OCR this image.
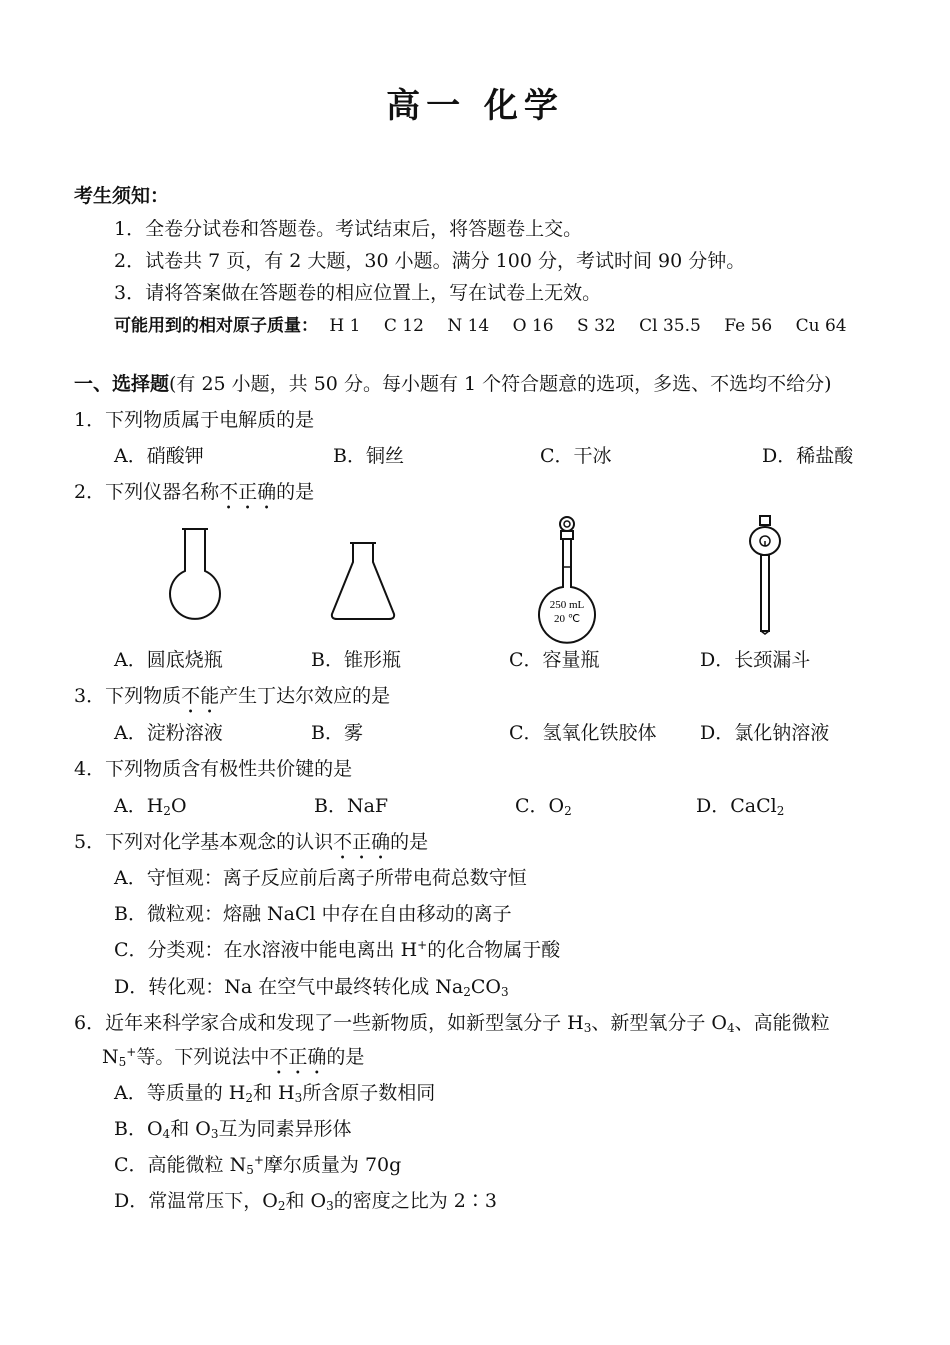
高一 化学
考生须知：
1．全卷分试卷和答题卷。考试结束后，将答题卷上交。
2．试卷共 7 页，有 2 大题，30 小题。满分 100 分，考试时间 90 分钟。
3．请将答案做在答题卷的相应位置上，写在试卷上无效。
可能用到的相对原子质量： H 1 C 12 N 14 O 16 S 32 Cl 35.5 Fe 56 Cu 64
一、选择题(有 25 小题，共 50 分。每小题有 1 个符合题意的选项，多选、不选均不给分)
1．下列物质属于电解质的是
A．硝酸钾	B．铜丝	C．干冰	D．稀盐酸
2．下列仪器名称不正确的是
250 mL
20 ℃
A．圆底烧瓶	B．锥形瓶	C．容量瓶	D．长颈漏斗
3．下列物质不能产生丁达尔效应的是
A．淀粉溶液	B．雾	C．氢氧化铁胶体 D．氯化钠溶液
4．下列物质含有极性共价键的是
A．$H_2O$	B．NaF	C．$O_2$	D．CaCl$_2$
5．下列对化学基本观念的认识不正确的是
A．守恒观：离子反应前后离子所带电荷总数守恒
B．微粒观：熔融 NaCl 中存在自由移动的离子
C．分类观：在水溶液中能电离出 H+的化合物属于酸
D．转化观：Na 在空气中最终转化成 $Na_2CO_3$
6．近年来科学家合成和发现了一些新物质，如新型氢分子 $H_3$、新型氧分子 $O_4$、高能微粒
$N_5^+$等。下列说法中不正确的是
A．等质量的 $H_2$和 $H_3$所含原子数相同
B．$O_4$和 $O_3$互为同素异形体
C．高能微粒 $N_5^+$摩尔质量为 70g
D．常温常压下，$O_2$和 $O_3$的密度之比为 2∶3
